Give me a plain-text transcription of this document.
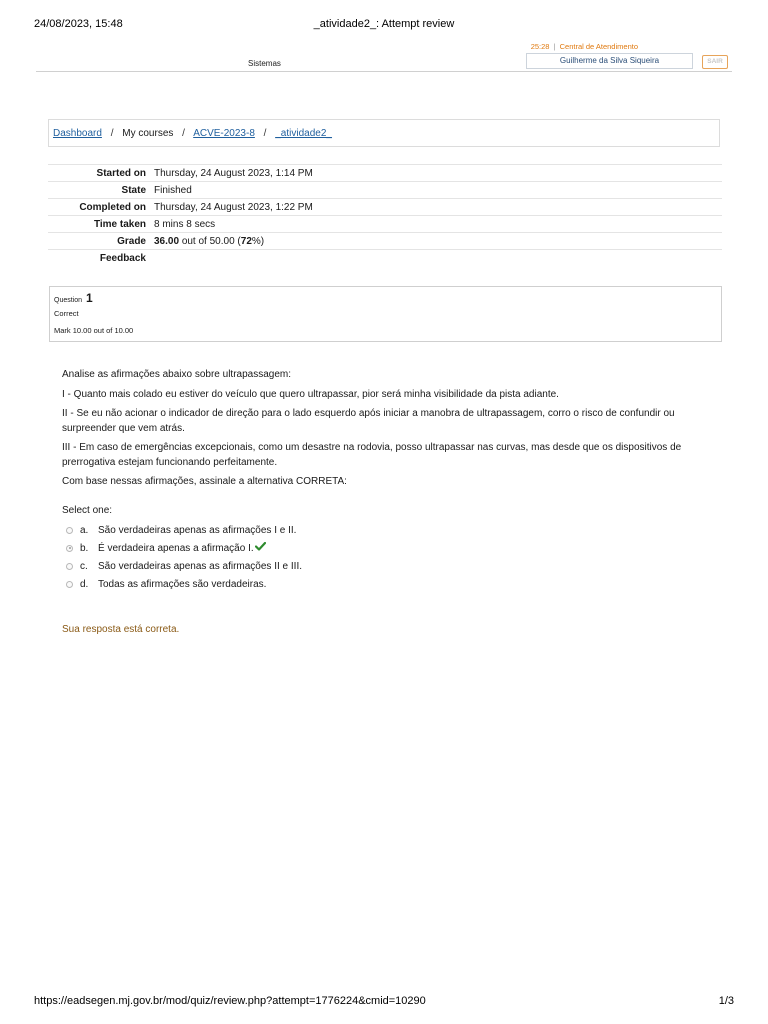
24/08/2023, 15:48	_atividade2_: Attempt review
25:28 | Central de Atendimento
Sistemas	Guilherme da Silva Siqueira	SAIR
Dashboard / My courses / ACVE-2023-8 / _atividade2_
Started on	Thursday, 24 August 2023, 1:14 PM
State	Finished
Completed on	Thursday, 24 August 2023, 1:22 PM
Time taken	8 mins 8 secs
Grade	36.00 out of 50.00 (72%)
Feedback	
Question 1
Correct
Mark 10.00 out of 10.00

Analise as afirmações abaixo sobre ultrapassagem:

I - Quanto mais colado eu estiver do veículo que quero ultrapassar, pior será minha visibilidade da pista adiante.

II - Se eu não acionar o indicador de direção para o lado esquerdo após iniciar a manobra de ultrapassagem, corro o risco de confundir ou surpreender que vem atrás.

III - Em caso de emergências excepcionais, como um desastre na rodovia, posso ultrapassar nas curvas, mas desde que os dispositivos de prerrogativa estejam funcionando perfeitamente.

Com base nessas afirmações, assinale a alternativa CORRETA:

Select one:
a. São verdadeiras apenas as afirmações I e II.
b. É verdadeira apenas a afirmação I.
c.	São verdadeiras apenas as afirmações II e III.
d. Todas as afirmações são verdadeiras.
Sua resposta está correta.
https://eadsegen.mj.gov.br/mod/quiz/review.php?attempt=1776224&cmid=10290	1/3
